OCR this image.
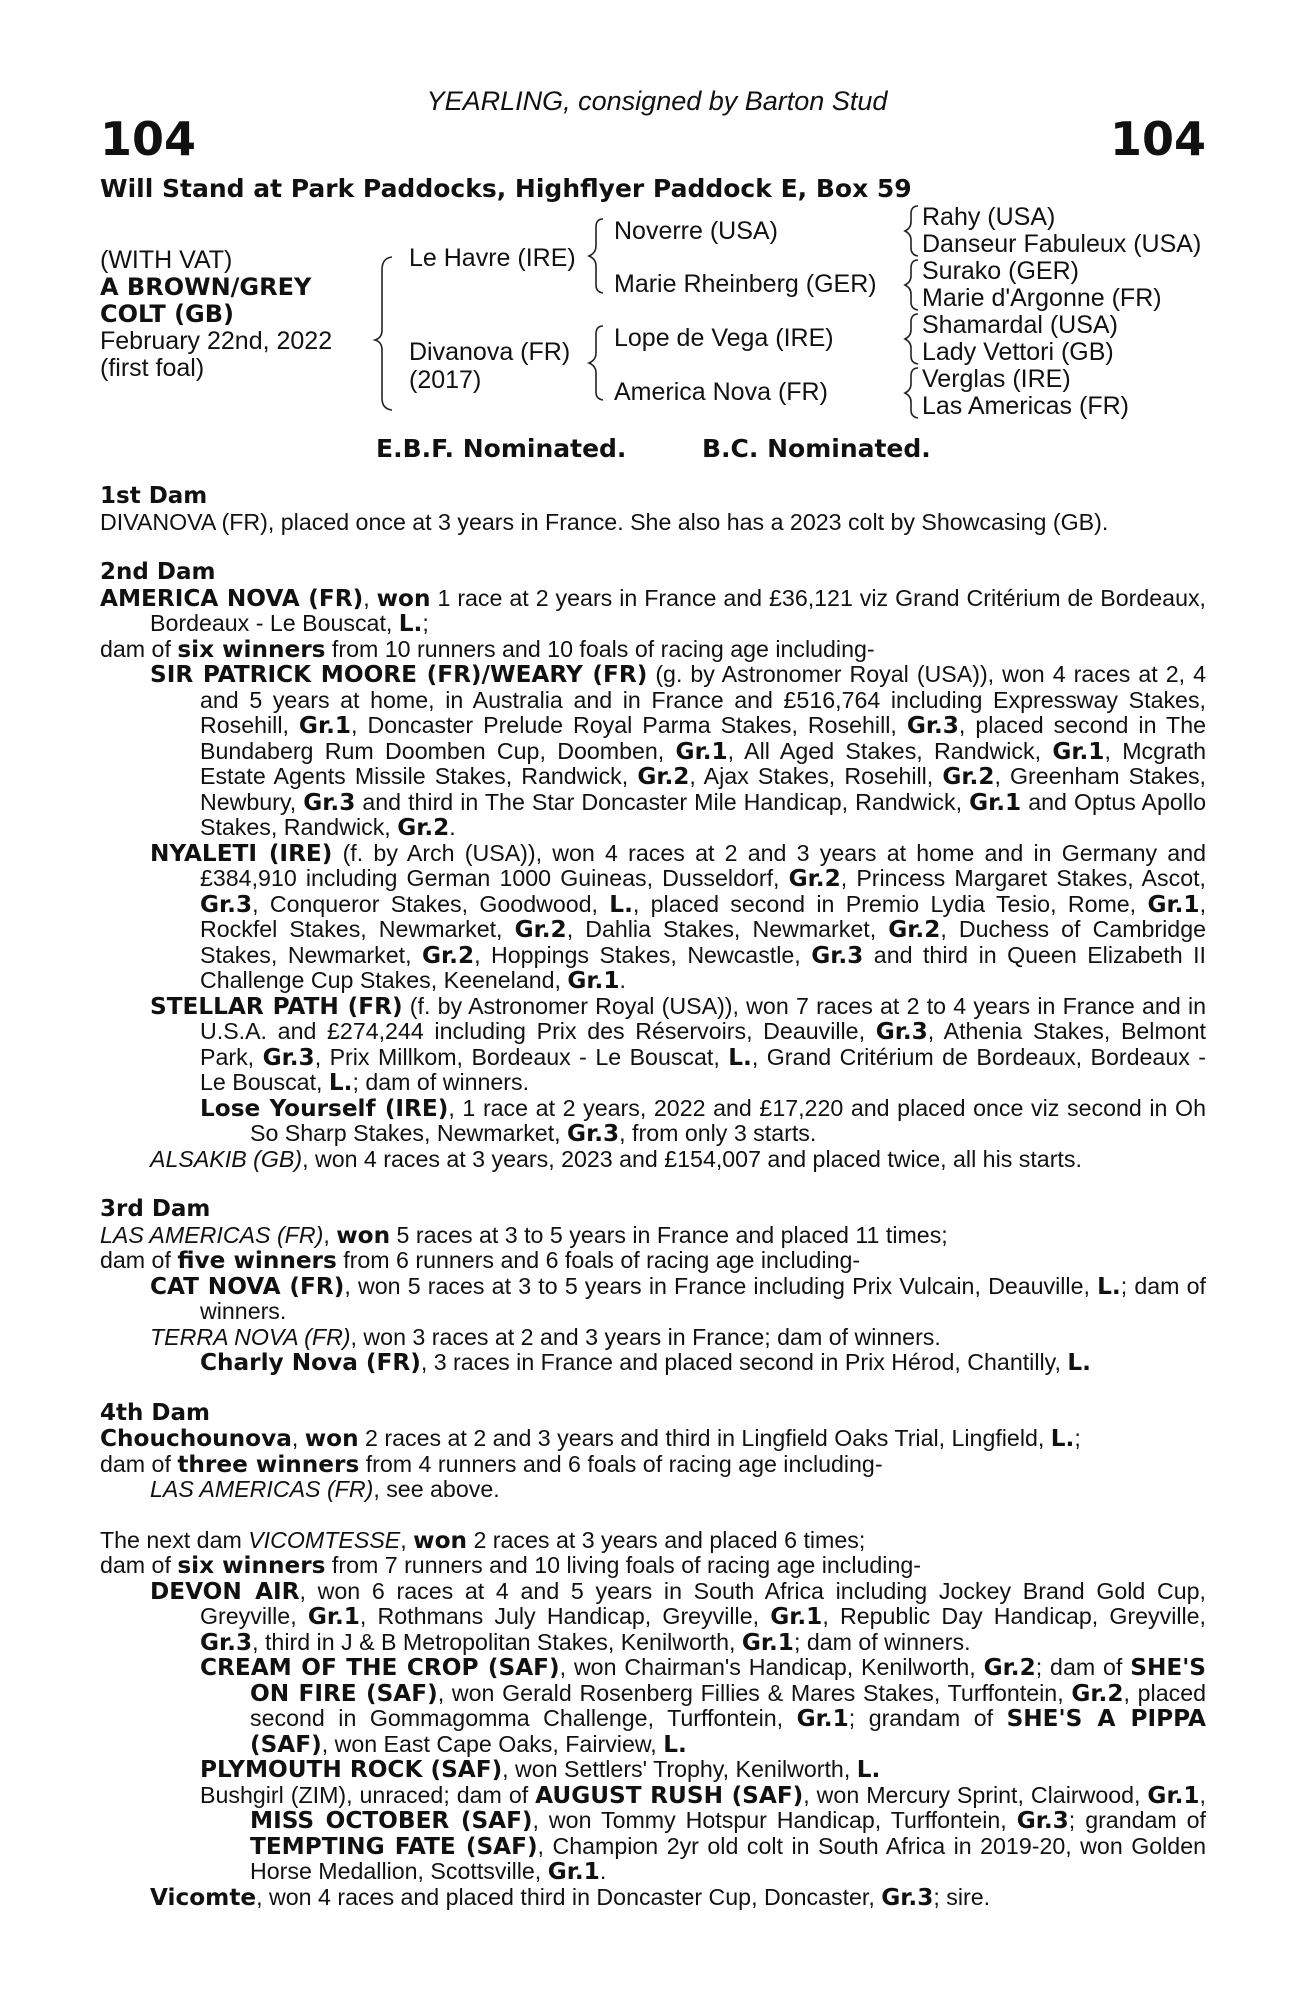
YEARLING, consigned by Barton Stud
104	104
Will Stand at Park Paddocks, Highflyer Paddock E, Box 59
(WITH VAT)
A BROWN/GREY
COLT (GB)
February 22nd, 2022
(first foal)
Le Havre (IRE)
Divanova (FR)
(2017)
Noverre (USA)
Marie Rheinberg (GER)
Lope de Vega (IRE)
America Nova (FR)
Rahy (USA)
Danseur Fabuleux (USA)
Surako (GER)
Marie d'Argonne (FR)
Shamardal (USA)
Lady Vettori (GB)
Verglas (IRE)
Las Americas (FR)
E.B.F. Nominated.	B.C. Nominated.

1st Dam

DIVANOVA (FR), placed once at 3 years in France. She also has a 2023 colt by Showcasing (GB).

2nd Dam

AMERICA NOVA (FR), won 1 race at 2 years in France and £36,121 viz Grand Critérium de Bordeaux, Bordeaux - Le Bouscat, L.;

dam of six winners from 10 runners and 10 foals of racing age including-

SIR PATRICK MOORE (FR)/WEARY (FR) (g. by Astronomer Royal (USA)), won 4 races at 2, 4 and 5 years at home, in Australia and in France and £516,764 including Expressway Stakes, Rosehill, Gr.1, Doncaster Prelude Royal Parma Stakes, Rosehill, Gr.3, placed second in The Bundaberg Rum Doomben Cup, Doomben, Gr.1, All Aged Stakes, Randwick, Gr.1, Mcgrath Estate Agents Missile Stakes, Randwick, Gr.2, Ajax Stakes, Rosehill, Gr.2, Greenham Stakes, Newbury, Gr.3 and third in The Star Doncaster Mile Handicap, Randwick, Gr.1 and Optus Apollo Stakes, Randwick, Gr.2.

NYALETI (IRE) (f. by Arch (USA)), won 4 races at 2 and 3 years at home and in Germany and £384,910 including German 1000 Guineas, Dusseldorf, Gr.2, Princess Margaret Stakes, Ascot, Gr.3, Conqueror Stakes, Goodwood, L., placed second in Premio Lydia Tesio, Rome, Gr.1, Rockfel Stakes, Newmarket, Gr.2, Dahlia Stakes, Newmarket, Gr.2, Duchess of Cambridge Stakes, Newmarket, Gr.2, Hoppings Stakes, Newcastle, Gr.3 and third in Queen Elizabeth II Challenge Cup Stakes, Keeneland, Gr.1.

STELLAR PATH (FR) (f. by Astronomer Royal (USA)), won 7 races at 2 to 4 years in France and in U.S.A. and £274,244 including Prix des Réservoirs, Deauville, Gr.3, Athenia Stakes, Belmont Park, Gr.3, Prix Millkom, Bordeaux - Le Bouscat, L., Grand Critérium de Bordeaux, Bordeaux - Le Bouscat, L.; dam of winners.

Lose Yourself (IRE), 1 race at 2 years, 2022 and £17,220 and placed once viz second in Oh So Sharp Stakes, Newmarket, Gr.3, from only 3 starts.

ALSAKIB (GB), won 4 races at 3 years, 2023 and £154,007 and placed twice, all his starts.

3rd Dam

LAS AMERICAS (FR), won 5 races at 3 to 5 years in France and placed 11 times;

dam of five winners from 6 runners and 6 foals of racing age including-

CAT NOVA (FR), won 5 races at 3 to 5 years in France including Prix Vulcain, Deauville, L.; dam of winners.

TERRA NOVA (FR), won 3 races at 2 and 3 years in France; dam of winners.

Charly Nova (FR), 3 races in France and placed second in Prix Hérod, Chantilly, L.

4th Dam

Chouchounova, won 2 races at 2 and 3 years and third in Lingfield Oaks Trial, Lingfield, L.;

dam of three winners from 4 runners and 6 foals of racing age including-

LAS AMERICAS (FR), see above.

The next dam VICOMTESSE, won 2 races at 3 years and placed 6 times;

dam of six winners from 7 runners and 10 living foals of racing age including-

DEVON AIR, won 6 races at 4 and 5 years in South Africa including Jockey Brand Gold Cup, Greyville, Gr.1, Rothmans July Handicap, Greyville, Gr.1, Republic Day Handicap, Greyville, Gr.3, third in J & B Metropolitan Stakes, Kenilworth, Gr.1; dam of winners.

CREAM OF THE CROP (SAF), won Chairman's Handicap, Kenilworth, Gr.2; dam of SHE'S ON FIRE (SAF), won Gerald Rosenberg Fillies & Mares Stakes, Turffontein, Gr.2, placed second in Gommagomma Challenge, Turffontein, Gr.1; grandam of SHE'S A PIPPA (SAF), won East Cape Oaks, Fairview, L.

PLYMOUTH ROCK (SAF), won Settlers' Trophy, Kenilworth, L.

Bushgirl (ZIM), unraced; dam of AUGUST RUSH (SAF), won Mercury Sprint, Clairwood, Gr.1, MISS OCTOBER (SAF), won Tommy Hotspur Handicap, Turffontein, Gr.3; grandam of TEMPTING FATE (SAF), Champion 2yr old colt in South Africa in 2019-20, won Golden Horse Medallion, Scottsville, Gr.1.

Vicomte, won 4 races and placed third in Doncaster Cup, Doncaster, Gr.3; sire.
